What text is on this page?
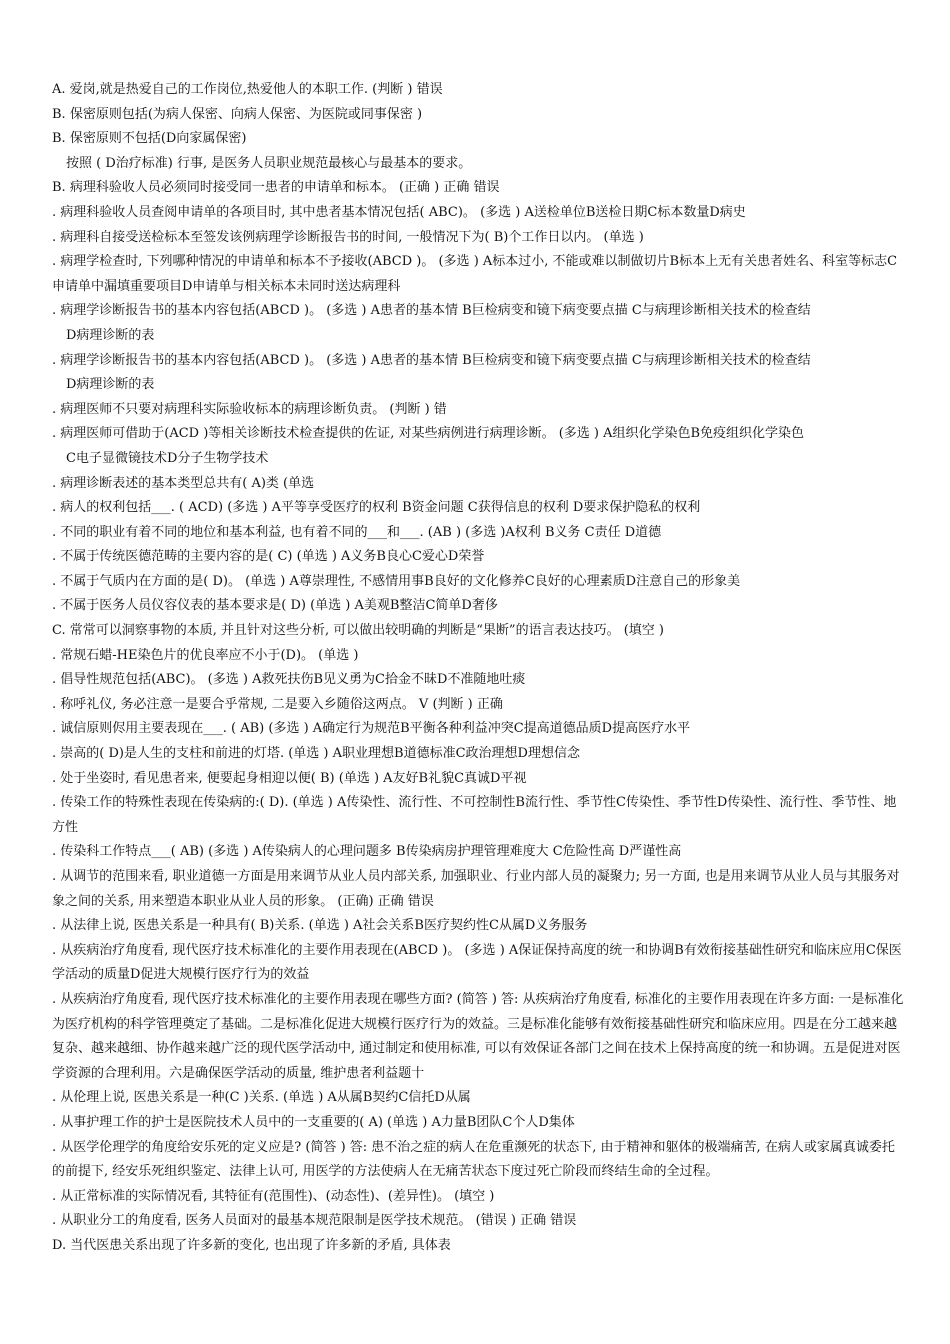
A. 爱岗,就是热爱自己的工作岗位,热爱他人的本职工作. (判断 ) 错误
B. 保密原则包括(为病人保密、向病人保密、为医院或同事保密 )
B. 保密原则不包括(D向家属保密)
按照 ( D治疗标准) 行事, 是医务人员职业规范最核心与最基本的要求。
B. 病理科验收人员必须同时接受同一患者的申请单和标本。 (正确 ) 正确 错误
. 病理科验收人员查阅申请单的各项目时, 其中患者基本情况包括( ABC)。 (多选 ) A送检单位B送检日期C标本数量D病史
. 病理科自接受送检标本至签发该例病理学诊断报告书的时间, 一般情况下为( B)个工作日以内。 (单选 )
. 病理学检查时, 下列哪种情况的申请单和标本不予接收(ABCD )。 (多选 ) A标本过小, 不能或难以制做切片B标本上无有关患者姓名、科室等标志C申请单中漏填重要项目D申请单与相关标本未同时送达病理科
. 病理学诊断报告书的基本内容包括(ABCD )。 (多选 ) A患者的基本情 B巨检病变和镜下病变要点描 C与病理诊断相关技术的检查结
D病理诊断的表
. 病理学诊断报告书的基本内容包括(ABCD )。 (多选 ) A患者的基本情 B巨检病变和镜下病变要点描 C与病理诊断相关技术的检查结
D病理诊断的表
. 病理医师不只要对病理科实际验收标本的病理诊断负责。 (判断 ) 错
. 病理医师可借助于(ACD )等相关诊断技术检查提供的佐证, 对某些病例进行病理诊断。 (多选 ) A组织化学染色B免疫组织化学染色
C电子显微镜技术D分子生物学技术
. 病理诊断表述的基本类型总共有( A)类 (单选
. 病人的权利包括___. ( ACD) (多选 ) A平等享受医疗的权利 B资金问题 C获得信息的权利 D要求保护隐私的权利
. 不同的职业有着不同的地位和基本利益, 也有着不同的___和___. (AB ) (多选 )A权利 B义务 C责任 D道德
. 不属于传统医德范畴的主要内容的是( C) (单选 ) A义务B良心C爱心D荣誉
. 不属于气质内在方面的是( D)。 (单选 ) A尊崇理性, 不感情用事B良好的文化修养C良好的心理素质D注意自己的形象美
. 不属于医务人员仪容仪表的基本要求是( D) (单选 ) A美观B整洁C简单D奢侈
C. 常常可以洞察事物的本质, 并且针对这些分析, 可以做出较明确的判断是“果断”的语言表达技巧。 (填空 )
. 常规石蜡-HE染色片的优良率应不小于(D)。 (单选 )
. 倡导性规范包括(ABC)。 (多选 ) A救死扶伤B见义勇为C拾金不昧D不准随地吐痰
. 称呼礼仪, 务必注意一是要合乎常规, 二是要入乡随俗这两点。 V (判断 ) 正确
. 诚信原则侭用主要表现在___. ( AB) (多选 ) A确定行为规范B平衡各种利益冲突C提高道德品质D提高医疗水平
. 崇高的( D)是人生的支柱和前进的灯塔. (单选 ) A职业理想B道德标准C政治理想D理想信念
. 处于坐姿时, 看见患者来, 便要起身相迎以便( B) (单选 ) A友好B礼貌C真诚D平视
. 传染工作的特殊性表现在传染病的:( D). (单选 ) A传染性、流行性、不可控制性B流行性、季节性C传染性、季节性D传染性、流行性、季节性、地方性
. 传染科工作特点___( AB) (多选 ) A传染病人的心理问题多 B传染病房护理管理难度大 C危险性高 D严谨性高
. 从调节的范围来看, 职业道德一方面是用来调节从业人员内部关系, 加强职业、行业内部人员的凝聚力; 另一方面, 也是用来调节从业人员与其服务对象之间的关系, 用来塑造本职业从业人员的形象。 (正确) 正确 错误
. 从法律上说, 医患关系是一种具有( B)关系. (单选 ) A社会关系B医疗契约性C从属D义务服务
. 从疾病治疗角度看, 现代医疗技术标准化的主要作用表现在(ABCD )。 (多选 ) A保证保持高度的统一和协调B有效衔接基础性研究和临床应用C保医学活动的质量D促进大规模行医疗行为的效益
. 从疾病治疗角度看, 现代医疗技术标准化的主要作用表现在哪些方面? (简答 ) 答: 从疾病治疗角度看, 标准化的主要作用表现在许多方面: 一是标准化为医疗机构的科学管理奠定了基础。二是标准化促进大规模行医疗行为的效益。三是标准化能够有效衔接基础性研究和临床应用。四是在分工越来越复杂、越来越细、协作越来越广泛的现代医学活动中, 通过制定和使用标准, 可以有效保证各部门之间在技术上保持高度的统一和协调。五是促进对医学资源的合理利用。六是确保医学活动的质量, 维护患者利益题十
. 从伦理上说, 医患关系是一种(C )关系. (单选 ) A从属B契约C信托D从属
. 从事护理工作的护士是医院技术人员中的一支重要的( A) (单选 ) A力量B团队C个人D集体
. 从医学伦理学的角度给安乐死的定义应是? (简答 ) 答: 患不治之症的病人在危重濒死的状态下, 由于精神和躯体的极端痛苦, 在病人或家属真诚委托的前提下, 经安乐死组织鉴定、法律上认可, 用医学的方法使病人在无痛苦状态下度过死亡阶段而终结生命的全过程。
. 从正常标准的实际情况看, 其特征有(范围性)、(动态性)、(差异性)。 (填空 )
. 从职业分工的角度看, 医务人员面对的最基本规范限制是医学技术规范。 (错误 ) 正确 错误
D. 当代医患关系出现了许多新的变化, 也出现了许多新的矛盾, 具体表
